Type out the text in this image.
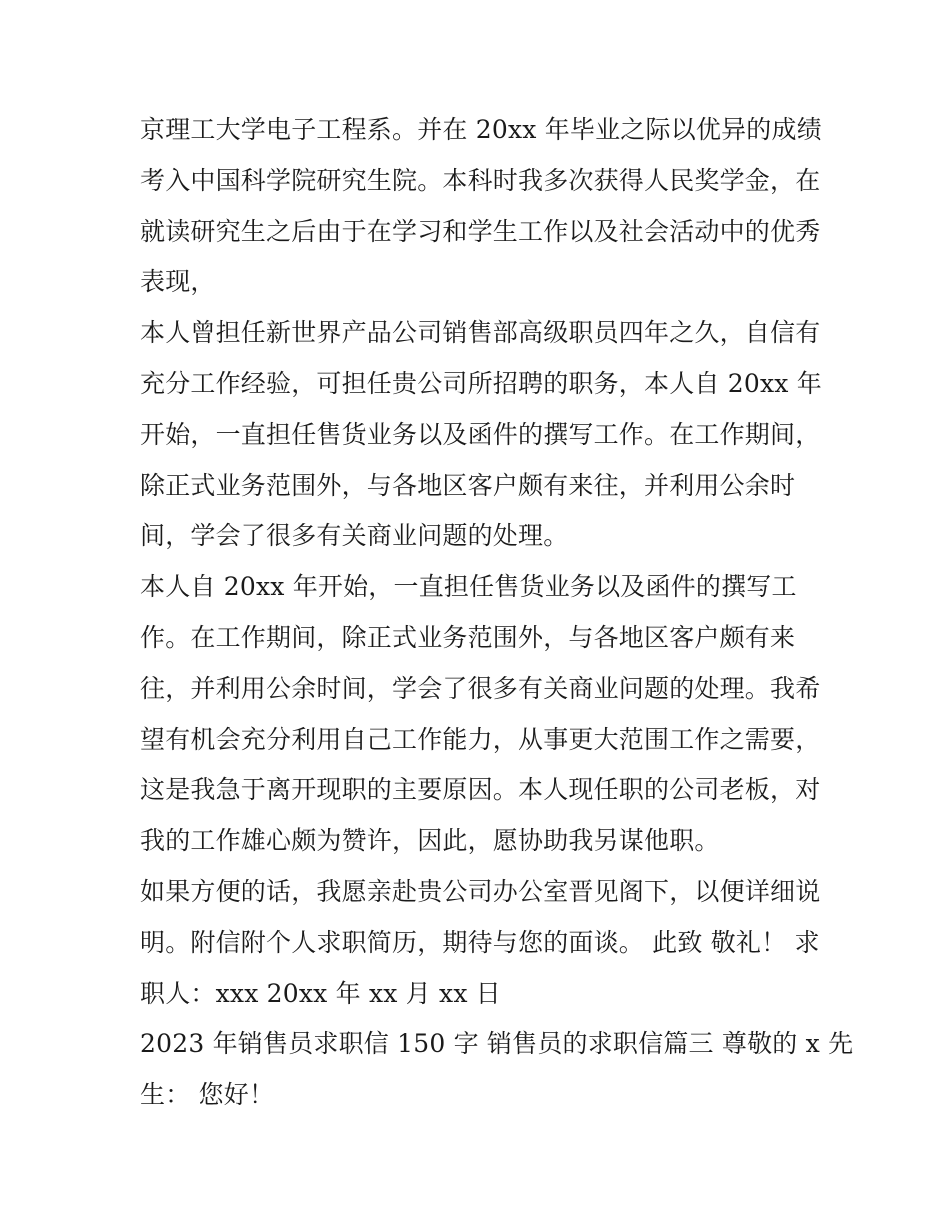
京理工大学电子工程系。并在 20xx 年毕业之际以优异的成绩
考入中国科学院研究生院。本科时我多次获得人民奖学金，在
就读研究生之后由于在学习和学生工作以及社会活动中的优秀
表现，
本人曾担任新世界产品公司销售部高级职员四年之久，自信有
充分工作经验，可担任贵公司所招聘的职务，本人自 20xx 年
开始，一直担任售货业务以及函件的撰写工作。在工作期间，
除正式业务范围外，与各地区客户颇有来往，并利用公余时
间，学会了很多有关商业问题的处理。
本人自 20xx 年开始，一直担任售货业务以及函件的撰写工
作。在工作期间，除正式业务范围外，与各地区客户颇有来
往，并利用公余时间，学会了很多有关商业问题的处理。我希
望有机会充分利用自己工作能力，从事更大范围工作之需要，
这是我急于离开现职的主要原因。本人现任职的公司老板，对
我的工作雄心颇为赞许，因此，愿协助我另谋他职。
如果方便的话，我愿亲赴贵公司办公室晋见阁下，以便详细说
明。附信附个人求职简历，期待与您的面谈。 此致 敬礼！ 求
职人：xxx 20xx 年 xx 月 xx 日
2023 年销售员求职信 150 字 销售员的求职信篇三 尊敬的 x 先
生： 您好！
